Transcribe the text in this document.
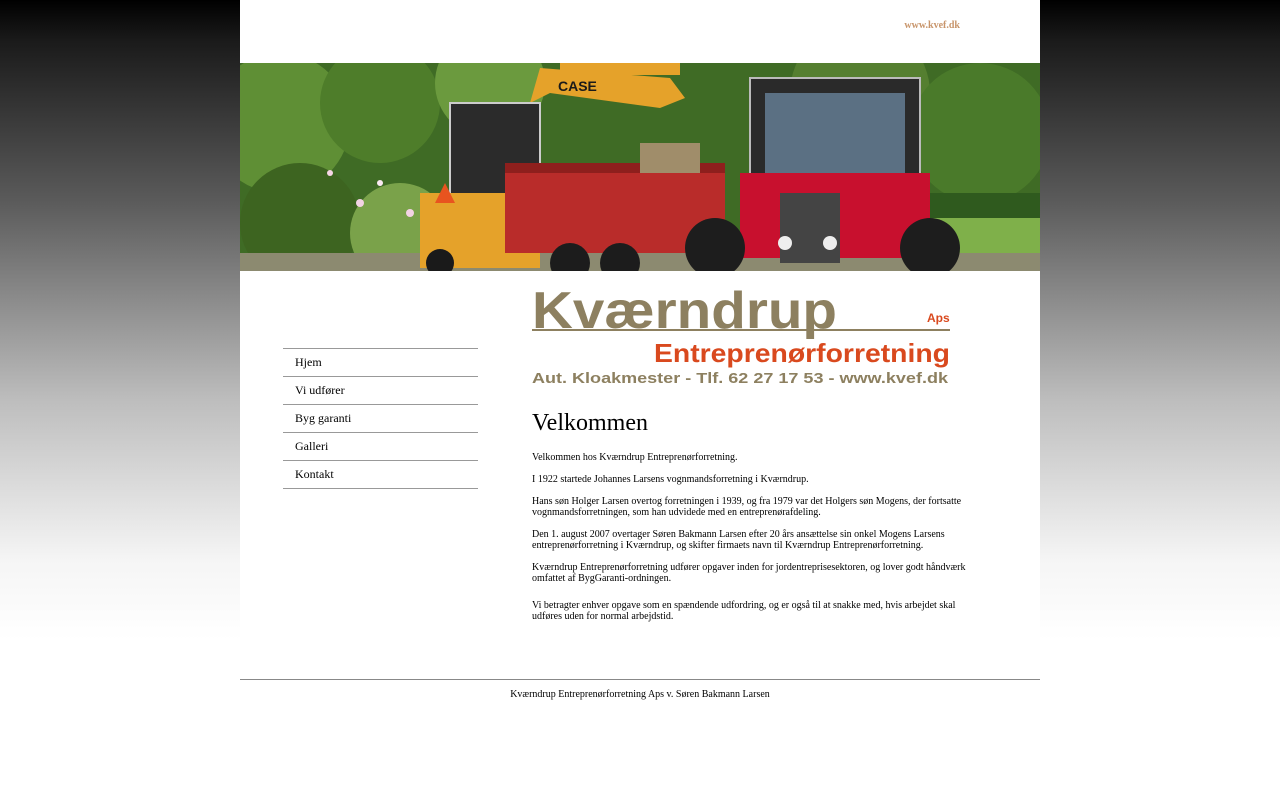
www.kvef.dk
CASE
Kværndrup	Aps
Entreprenørforretning
Aut. Kloakmester - Tlf. 62 27 17 53 - www.kvef.dk
Hjem
Vi udfører
Byg garanti
Galleri
Kontakt
Velkommen

Velkommen hos Kværndrup Entreprenørforretning.

I 1922 startede Johannes Larsens vognmandsforretning i Kværndrup.

Hans søn Holger Larsen overtog forretningen i 1939, og fra 1979 var det Holgers søn Mogens, der fortsatte vognmandsforretningen, som han udvidede med en entreprenørafdeling.

Den 1. august 2007 overtager Søren Bakmann Larsen efter 20 års ansættelse sin onkel Mogens Larsens entreprenørforretning i Kværndrup, og skifter firmaets navn til Kværndrup Entreprenørforretning.

Kværndrup Entreprenørforretning udfører opgaver inden for jordentreprisesektoren, og lover godt håndværk omfattet af BygGaranti-ordningen.

Vi betragter enhver opgave som en spændende udfordring, og er også til at snakke med, hvis arbejdet skal udføres uden for normal arbejdstid.

Kværndrup Entreprenørforretning Aps v. Søren Bakmann Larsen
